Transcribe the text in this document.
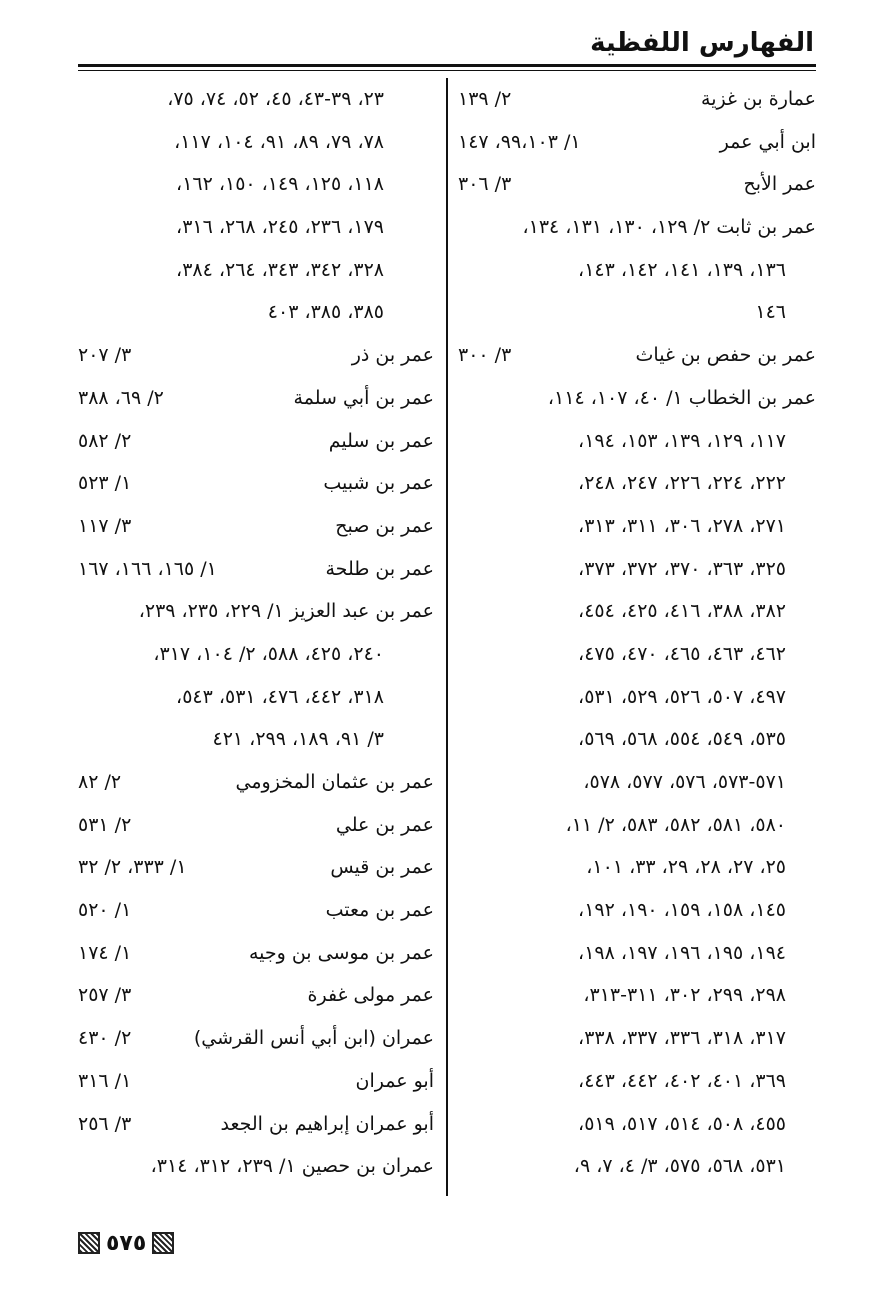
الفهارس اللفظية
عمارة بن غزية
٢/ ١٣٩
ابن أبي عمر
١/ ٩٩،١٠٣، ١٤٧
عمر الأبح
٣/ ٣٠٦
عمر بن ثابت ٢/ ١٢٩، ١٣٠، ١٣١، ١٣٤،
١٣٦، ١٣٩، ١٤١، ١٤٢، ١٤٣،
١٤٦
عمر بن حفص بن غياث
٣/ ٣٠٠
عمر بن الخطاب ١/ ٤٠، ١٠٧، ١١٤،
١١٧، ١٢٩، ١٣٩، ١٥٣، ١٩٤،
٢٢٢، ٢٢٤، ٢٢٦، ٢٤٧، ٢٤٨،
٢٧١، ٢٧٨، ٣٠٦، ٣١١، ٣١٣،
٣٢٥، ٣٦٣، ٣٧٠، ٣٧٢، ٣٧٣،
٣٨٢، ٣٨٨، ٤١٦، ٤٢٥، ٤٥٤،
٤٦٢، ٤٦٣، ٤٦٥، ٤٧٠، ٤٧٥،
٤٩٧، ٥٠٧، ٥٢٦، ٥٢٩، ٥٣١،
٥٣٥، ٥٤٩، ٥٥٤، ٥٦٨، ٥٦٩،
٥٧١-٥٧٣، ٥٧٦، ٥٧٧، ٥٧٨،
٥٨٠، ٥٨١، ٥٨٢، ٥٨٣، ٢/ ١١،
٢٥، ٢٧، ٢٨، ٢٩، ٣٣، ١٠١،
١٤٥، ١٥٨، ١٥٩، ١٩٠، ١٩٢،
١٩٤، ١٩٥، ١٩٦، ١٩٧، ١٩٨،
٢٩٨، ٢٩٩، ٣٠٢، ٣١١-٣١٣،
٣١٧، ٣١٨، ٣٣٦، ٣٣٧، ٣٣٨،
٣٦٩، ٤٠١، ٤٠٢، ٤٤٢، ٤٤٣،
٤٥٥، ٥٠٨، ٥١٤، ٥١٧، ٥١٩،
٥٣١، ٥٦٨، ٥٧٥، ٣/ ٤، ٧، ٩،
٢٣، ٣٩-٤٣، ٤٥، ٥٢، ٧٤، ٧٥،
٧٨، ٧٩، ٨٩، ٩١، ١٠٤، ١١٧،
١١٨، ١٢٥، ١٤٩، ١٥٠، ١٦٢،
١٧٩، ٢٣٦، ٢٤٥، ٢٦٨، ٣١٦،
٣٢٨، ٣٤٢، ٣٤٣، ٢٦٤، ٣٨٤،
٣٨٥، ٣٨٥، ٤٠٣
عمر بن ذر
٣/ ٢٠٧
عمر بن أبي سلمة
٢/ ٦٩، ٣٨٨
عمر بن سليم
٢/ ٥٨٢
عمر بن شبيب
١/ ٥٢٣
عمر بن صبح
٣/ ١١٧
عمر بن طلحة
١/ ١٦٥، ١٦٦، ١٦٧
عمر بن عبد العزيز ١/ ٢٢٩، ٢٣٥، ٢٣٩،
٢٤٠، ٤٢٥، ٥٨٨، ٢/ ١٠٤، ٣١٧،
٣١٨، ٤٤٢، ٤٧٦، ٥٣١، ٥٤٣،
٣/ ٩١، ١٨٩، ٢٩٩، ٤٢١
عمر بن عثمان المخزومي
٢/ ٨٢
عمر بن علي
٢/ ٥٣١
عمر بن قيس
١/ ٣٣٣، ٢/ ٣٢
عمر بن معتب
١/ ٥٢٠
عمر بن موسى بن وجيه
١/ ١٧٤
عمر مولى غفرة
٣/ ٢٥٧
عمران (ابن أبي أنس القرشي)
٢/ ٤٣٠
أبو عمران
١/ ٣١٦
أبو عمران إبراهيم بن الجعد
٣/ ٢٥٦
عمران بن حصين ١/ ٢٣٩، ٣١٢، ٣١٤،
٥٧٥
